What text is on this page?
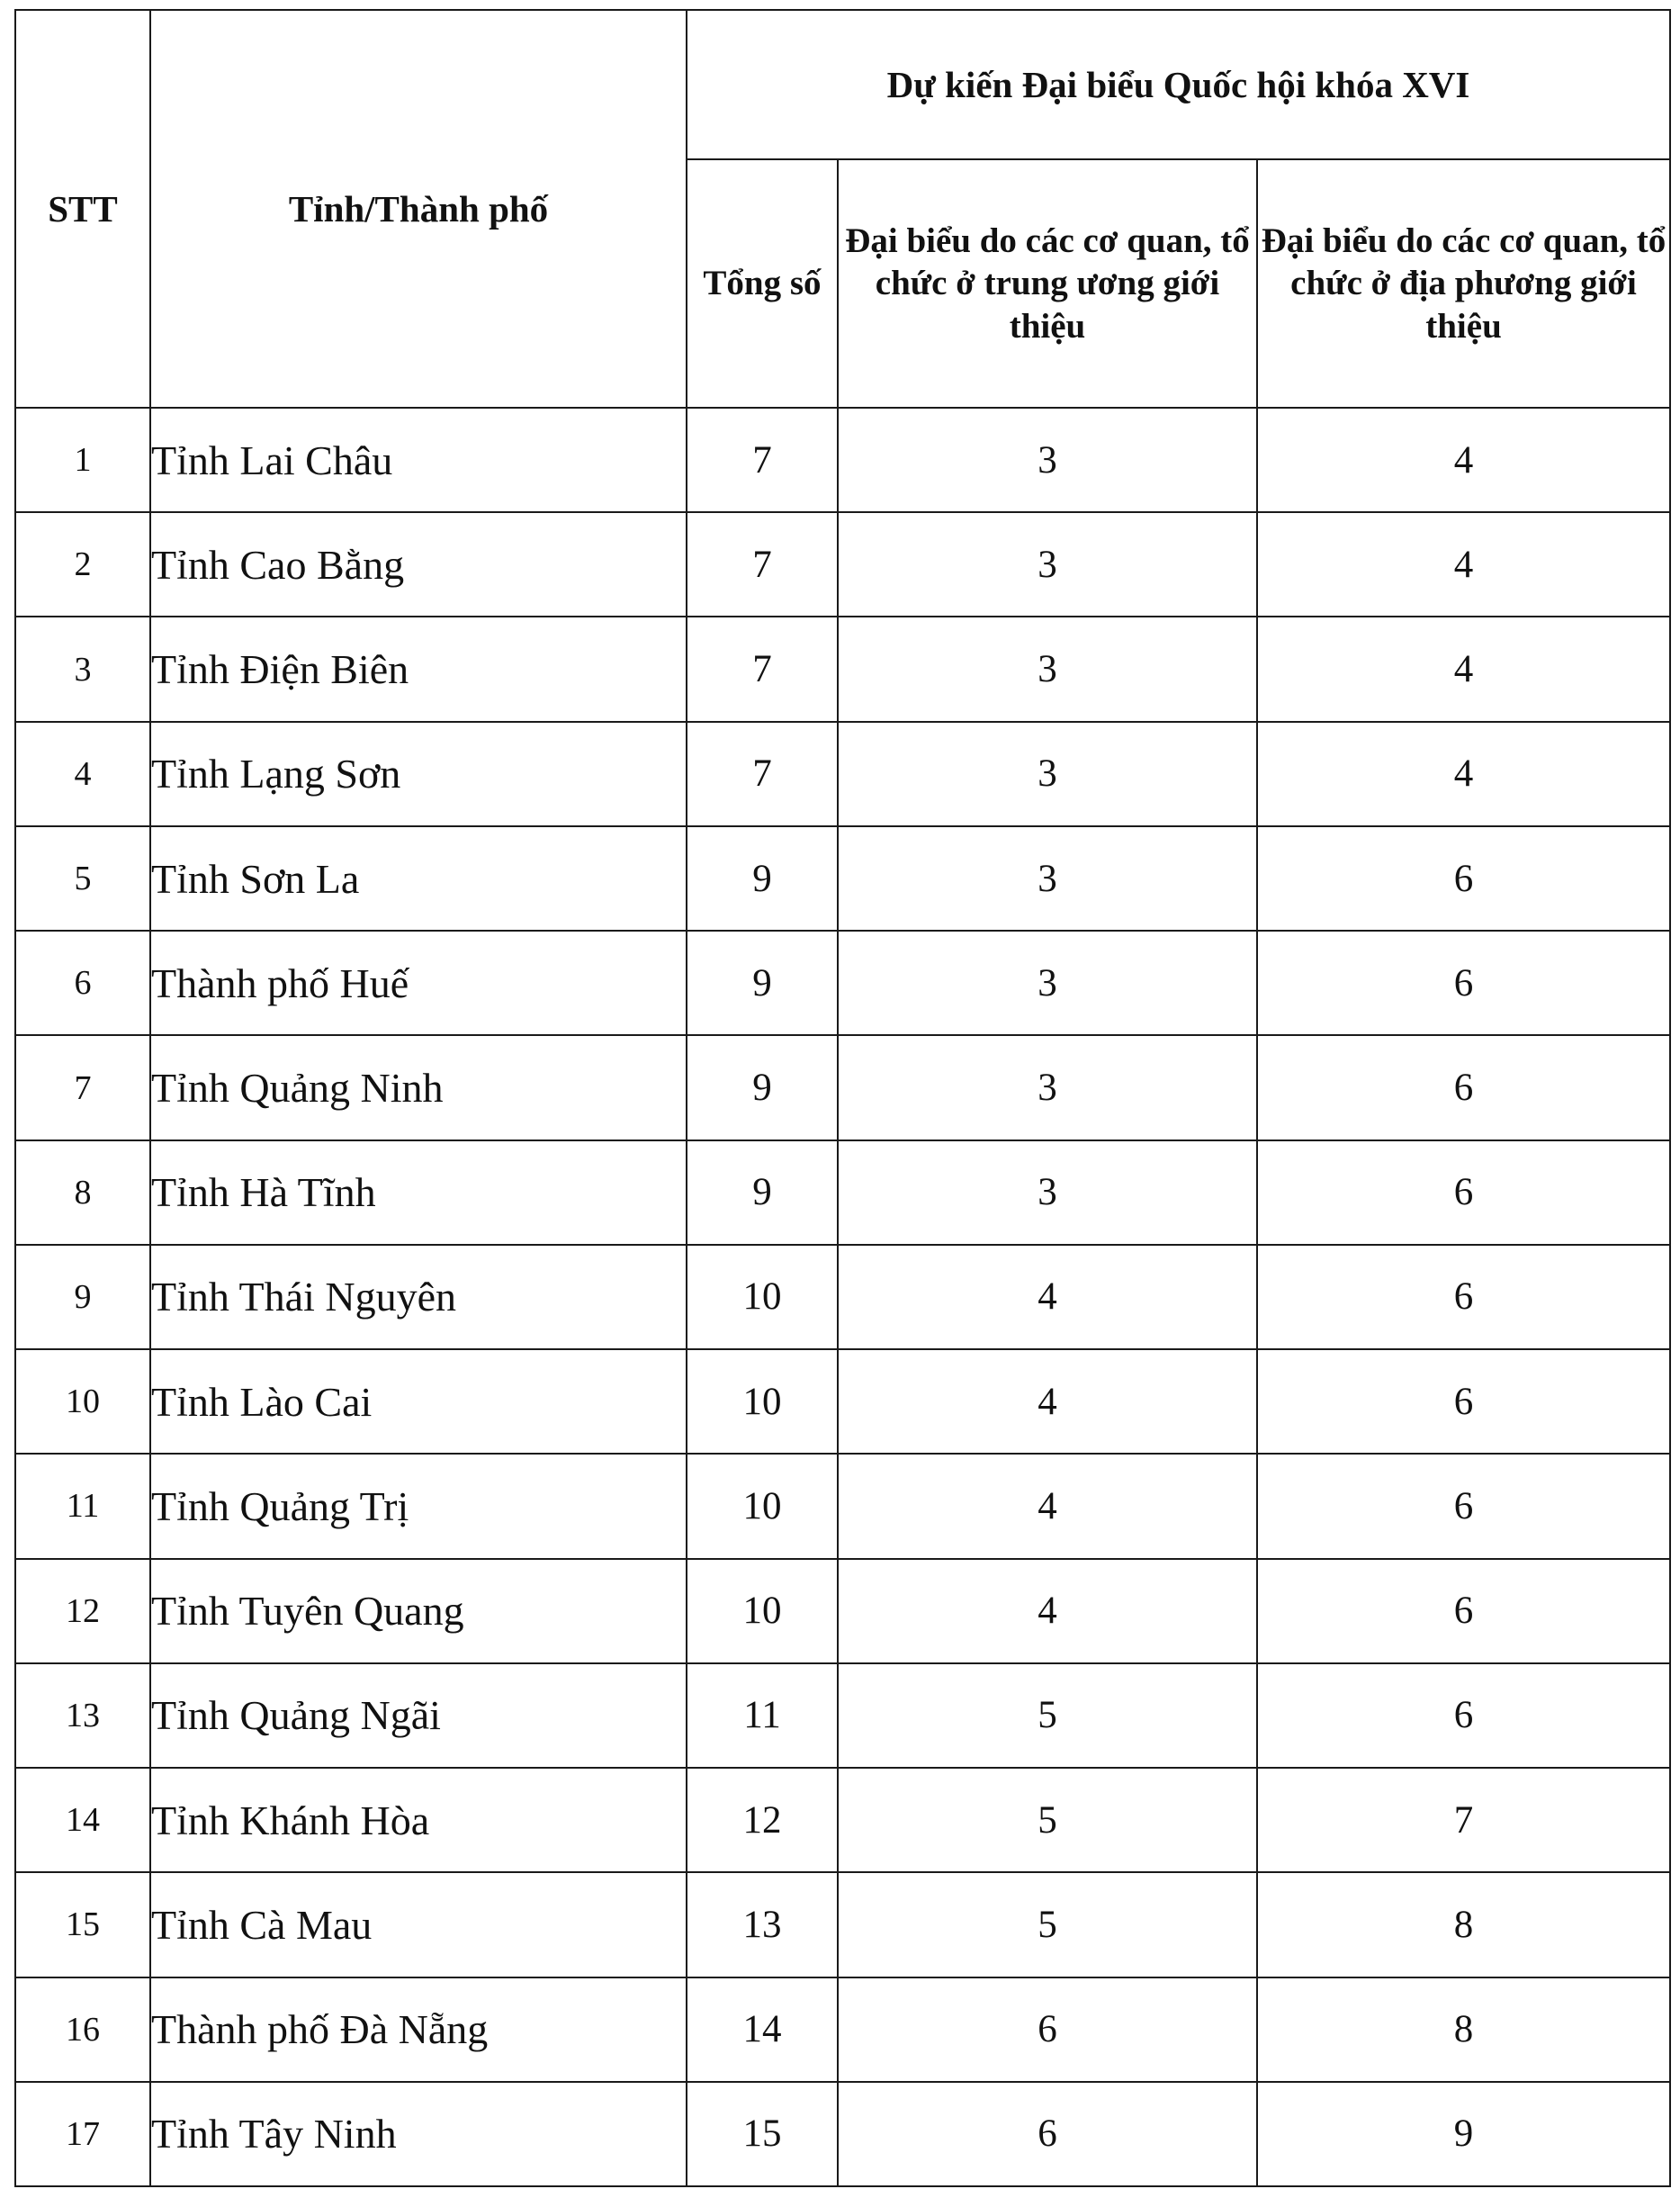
STT	Tỉnh/Thành phố	Dự kiến Đại biểu Quốc hội khóa XVI		
		Tổng số	Đại biểu do các cơ quan, tổ chức ở trung ương giới thiệu	Đại biểu do các cơ quan, tổ chức ở địa phương giới thiệu
1	Tỉnh Lai Châu	7	3	4
2	Tỉnh Cao Bằng	7	3	4
3	Tỉnh Điện Biên	7	3	4
4	Tỉnh Lạng Sơn	7	3	4
5	Tỉnh Sơn La	9	3	6
6	Thành phố Huế	9	3	6
7	Tỉnh Quảng Ninh	9	3	6
8	Tỉnh Hà Tĩnh	9	3	6
9	Tỉnh Thái Nguyên	10	4	6
10	Tỉnh Lào Cai	10	4	6
11	Tỉnh Quảng Trị	10	4	6
12	Tỉnh Tuyên Quang	10	4	6
13	Tỉnh Quảng Ngãi	11	5	6
14	Tỉnh Khánh Hòa	12	5	7
15	Tỉnh Cà Mau	13	5	8
16	Thành phố Đà Nẵng	14	6	8
17	Tỉnh Tây Ninh	15	6	9
